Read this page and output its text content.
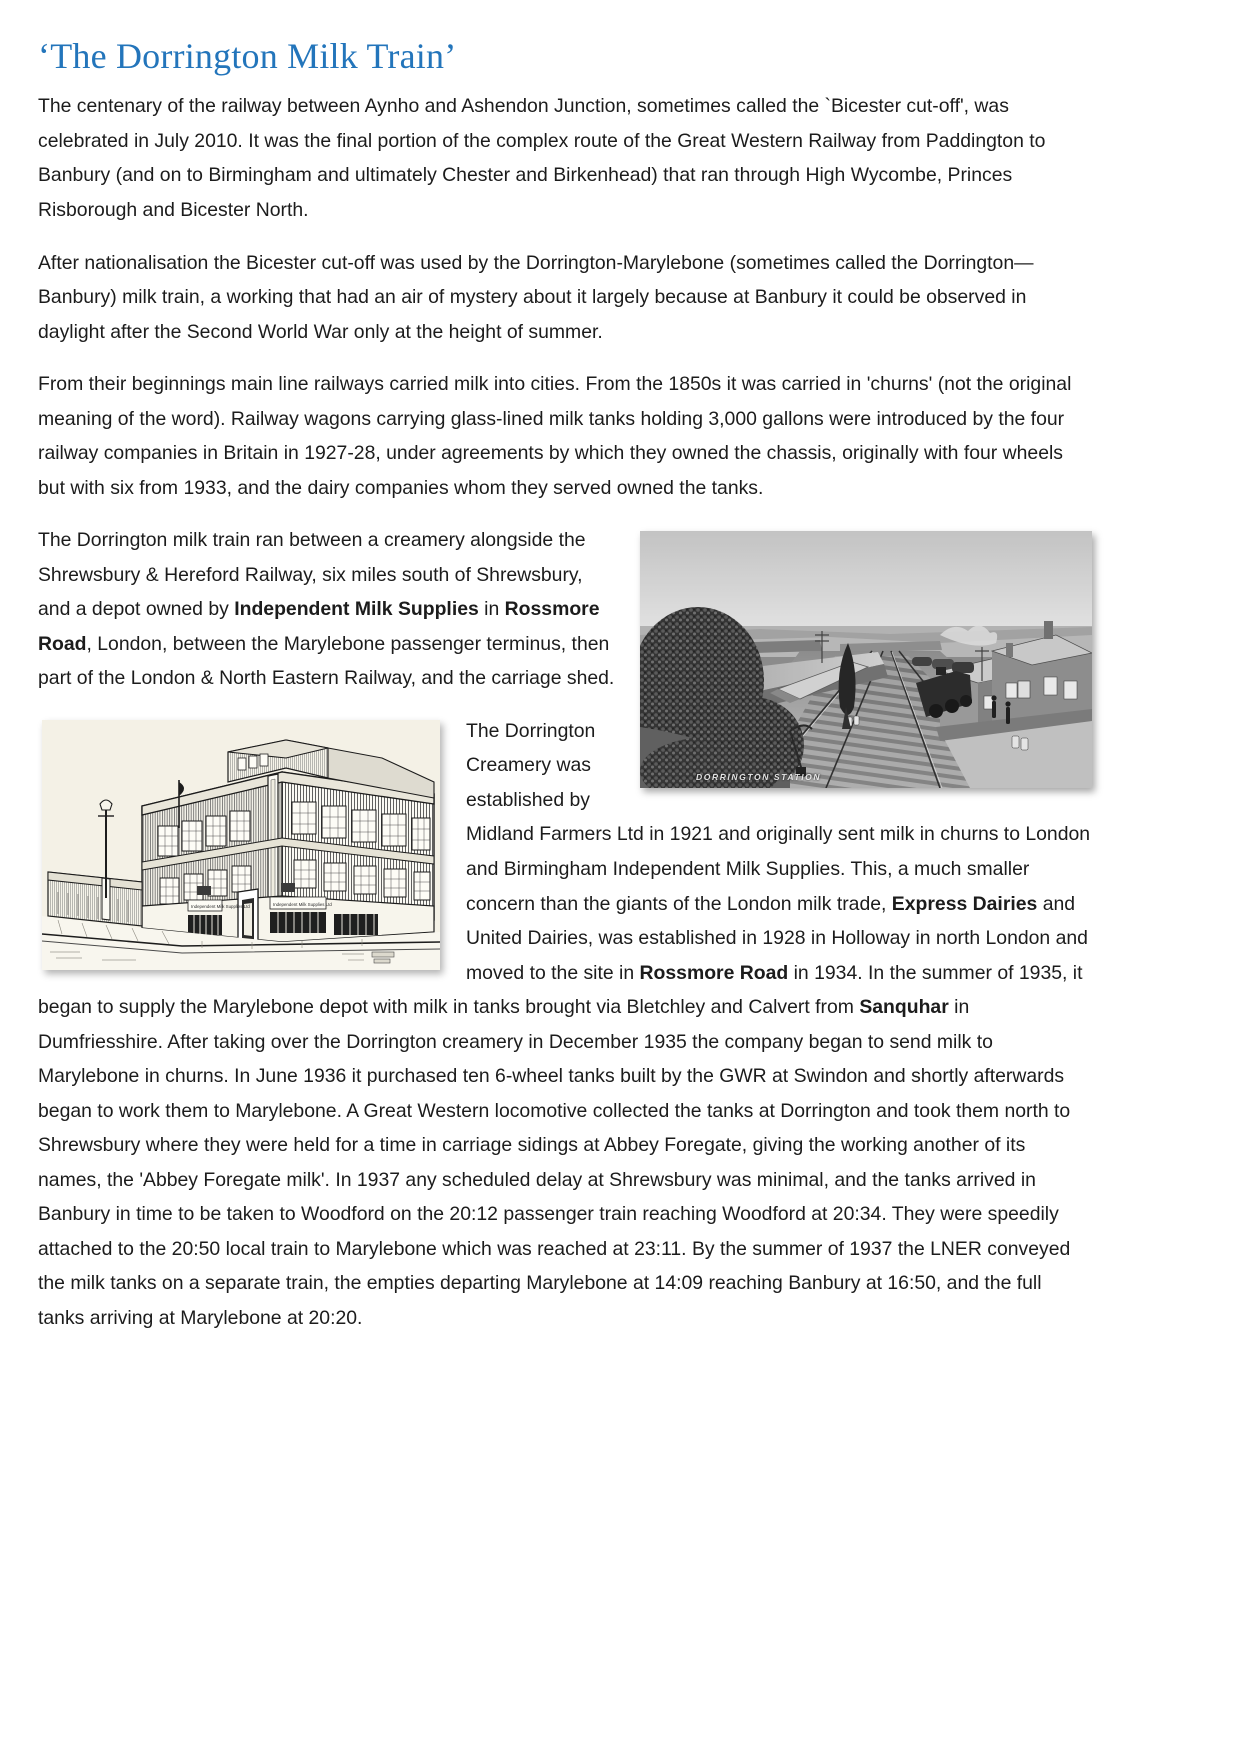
‘The Dorrington Milk Train’

The centenary of the railway between Aynho and Ashendon Junction, sometimes called the `Bicester cut-off', was celebrated in July 2010. It was the final portion of the complex route of the Great Western Railway from Paddington to Banbury (and on to Birmingham and ultimately Chester and Birkenhead) that ran through High Wycombe, Princes Risborough and Bicester North.

After nationalisation the Bicester cut-off was used by the Dorrington-Marylebone (sometimes called the Dorrington—Banbury) milk train, a working that had an air of mystery about it largely because at Banbury it could be observed in daylight after the Second World War only at the height of summer.

From their beginnings main line railways carried milk into cities. From the 1850s it was carried in 'churns' (not the original meaning of the word). Railway wagons carrying glass-lined milk tanks holding 3,000 gallons were introduced by the four railway companies in Britain in 1927-28, under agreements by which they owned the chassis, originally with four wheels but with six from 1933, and the dairy companies whom they served owned the tanks.

DORRINGTON STATION

The Dorrington milk train ran between a creamery alongside the Shrewsbury & Hereford Railway, six miles south of Shrewsbury, and a depot owned by Independent Milk Supplies in Rossmore Road, London, between the Marylebone passenger terminus, then part of the London & North Eastern Railway, and the carriage shed.

Independent Milk Supplies Ltd	Independent Milk Supplies Ltd

The Dorrington Creamery was established by Midland Farmers Ltd in 1921 and originally sent milk in churns to London and Birmingham Independent Milk Supplies. This, a much smaller concern than the giants of the London milk trade, Express Dairies and United Dairies, was established in 1928 in Holloway in north London and moved to the site in Rossmore Road in 1934. In the summer of 1935, it began to supply the Marylebone depot with milk in tanks brought via Bletchley and Calvert from Sanquhar in Dumfriesshire. After taking over the Dorrington creamery in December 1935 the company began to send milk to Marylebone in churns. In June 1936 it purchased ten 6-wheel tanks built by the GWR at Swindon and shortly afterwards began to work them to Marylebone. A Great Western locomotive collected the tanks at Dorrington and took them north to Shrewsbury where they were held for a time in carriage sidings at Abbey Foregate, giving the working another of its names, the 'Abbey Foregate milk'. In 1937 any scheduled delay at Shrewsbury was minimal, and the tanks arrived in Banbury in time to be taken to Woodford on the 20:12 passenger train reaching Woodford at 20:34. They were speedily attached to the 20:50 local train to Marylebone which was reached at 23:11. By the summer of 1937 the LNER conveyed the milk tanks on a separate train, the empties departing Marylebone at 14:09 reaching Banbury at 16:50, and the full tanks arriving at Marylebone at 20:20.
